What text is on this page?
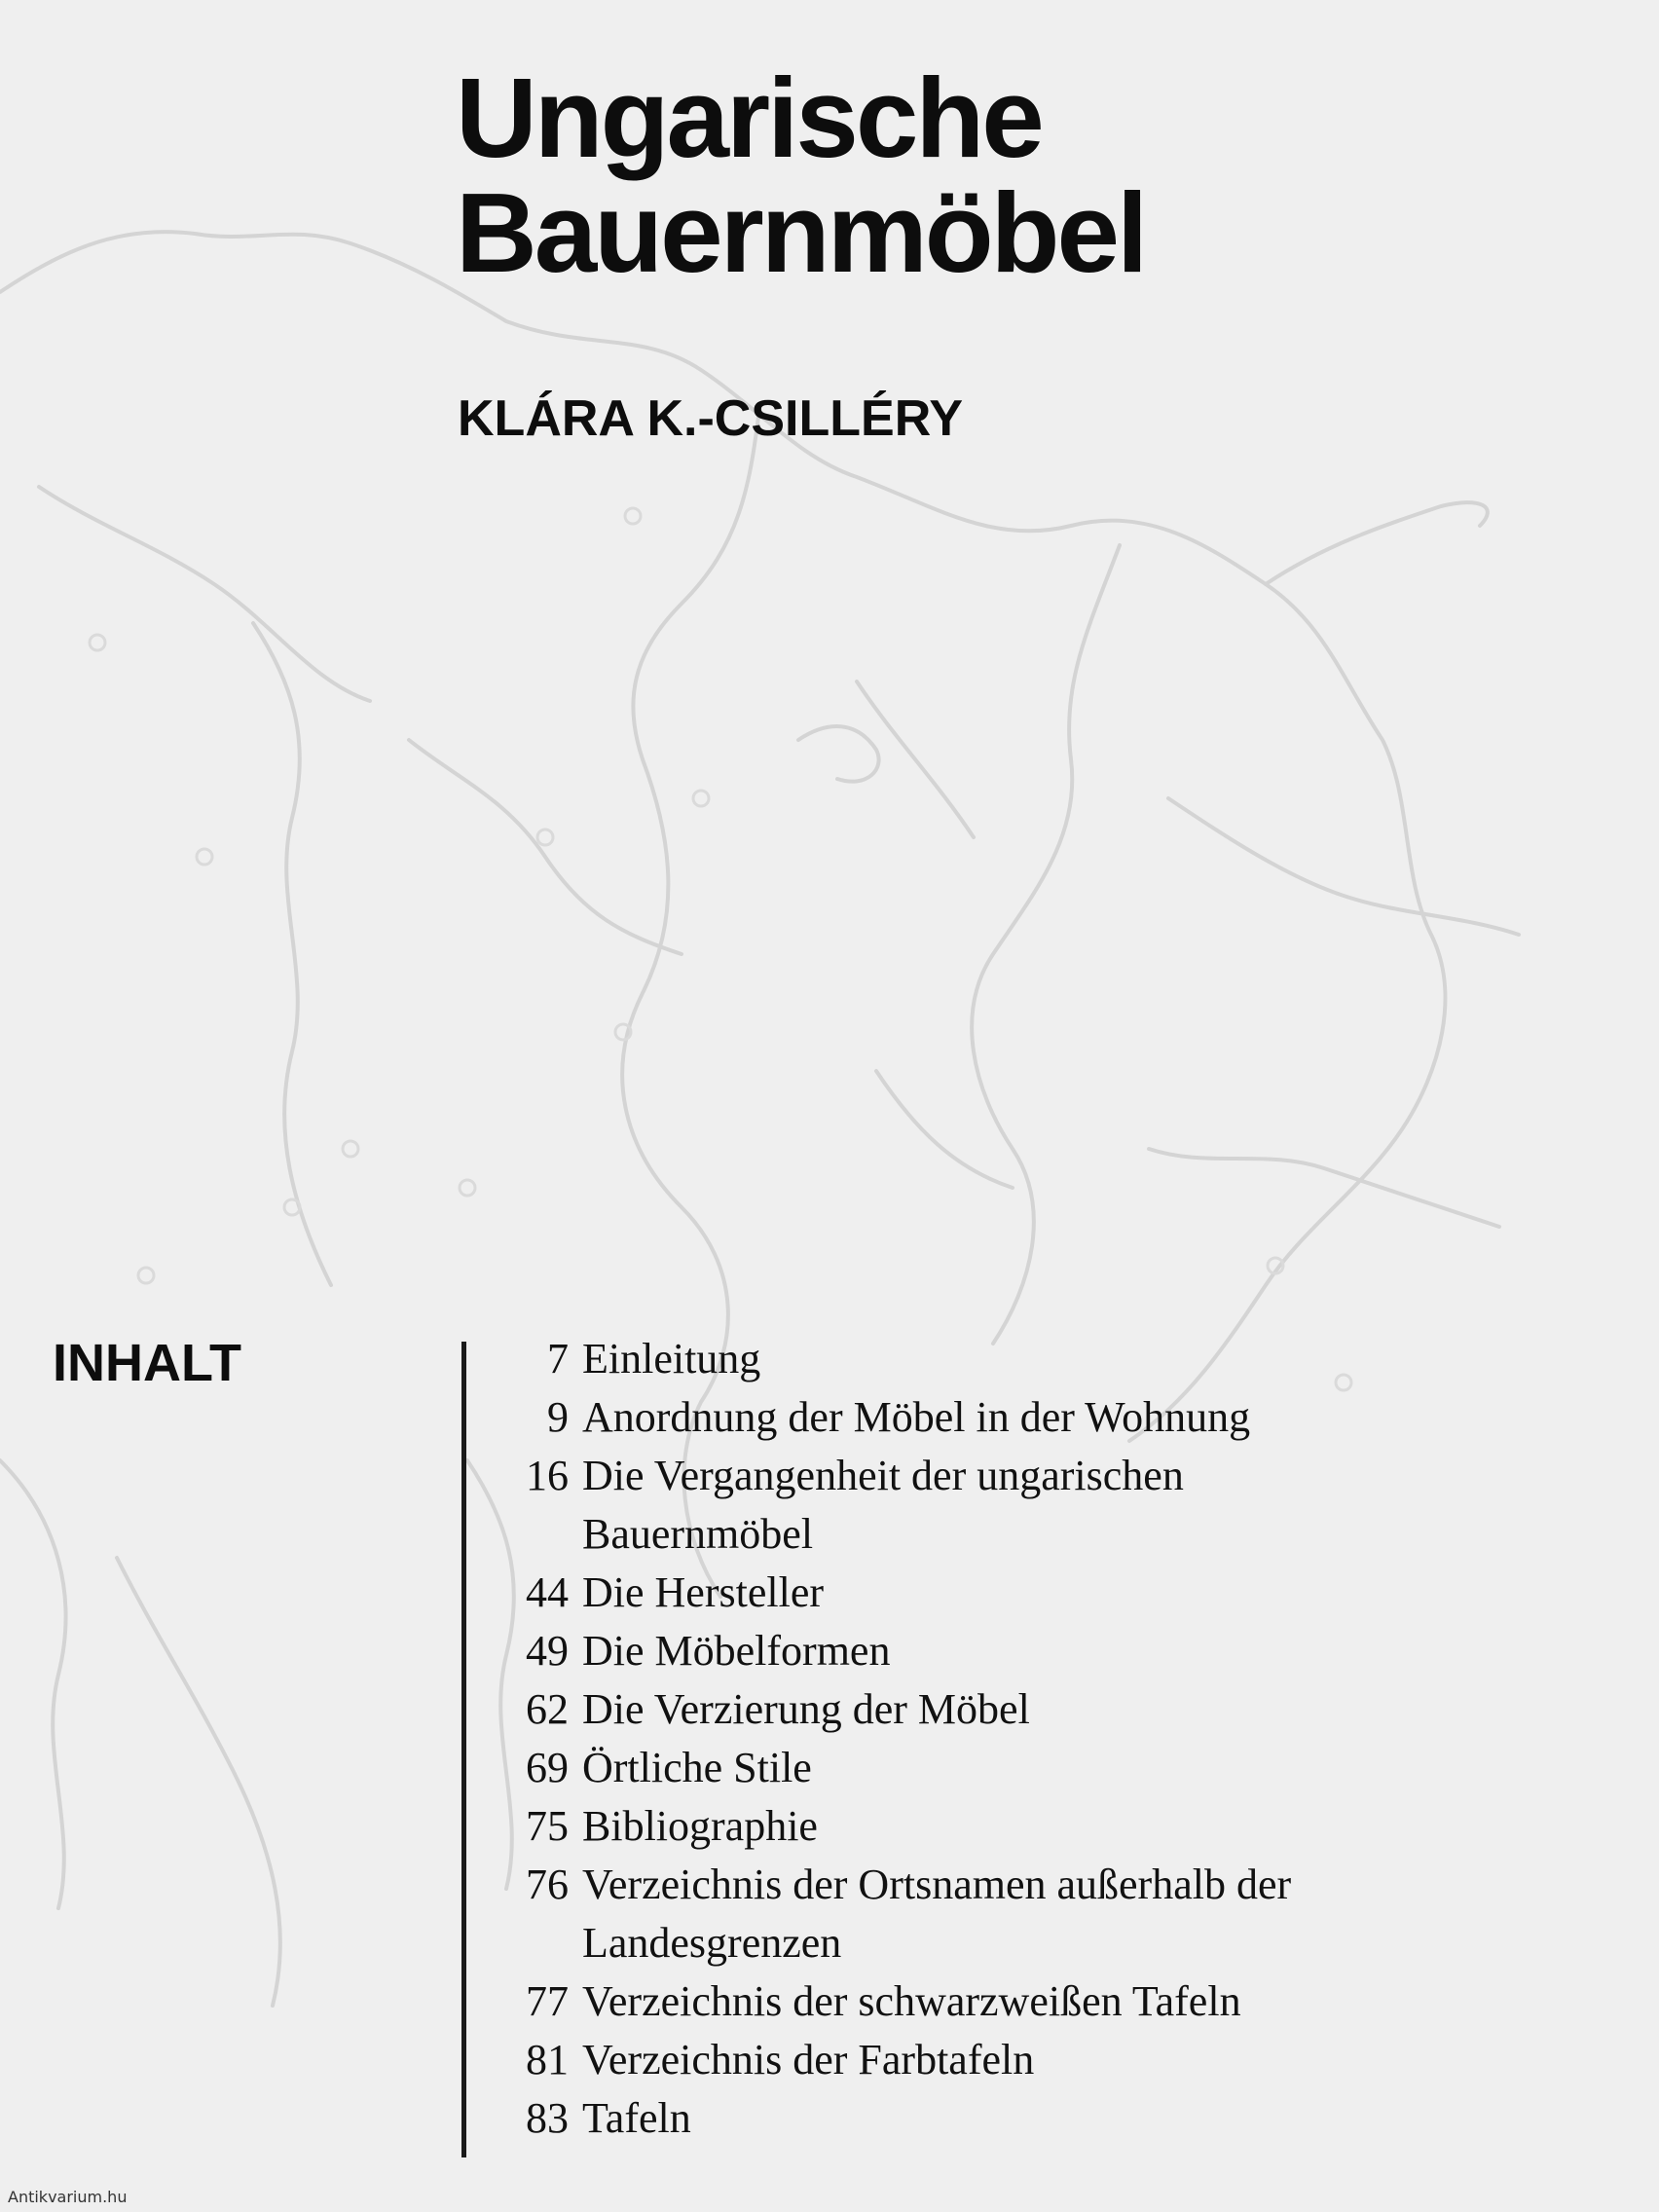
Ungarische
Bauernmöbel
KLÁRA K.-CSILLÉRY
INHALT	7 Einleitung
9 Anordnung der Möbel in der Wohnung
16 Die Vergangenheit der ungarischen Bauernmöbel
44 Die Hersteller
49 Die Möbelformen
62 Die Verzierung der Möbel
69 Örtliche Stile
75 Bibliographie
76 Verzeichnis der Ortsnamen außerhalb der Landesgrenzen
77 Verzeichnis der schwarzweißen Tafeln
81 Verzeichnis der Farbtafeln
83 Tafeln
Antikvarium.hu
